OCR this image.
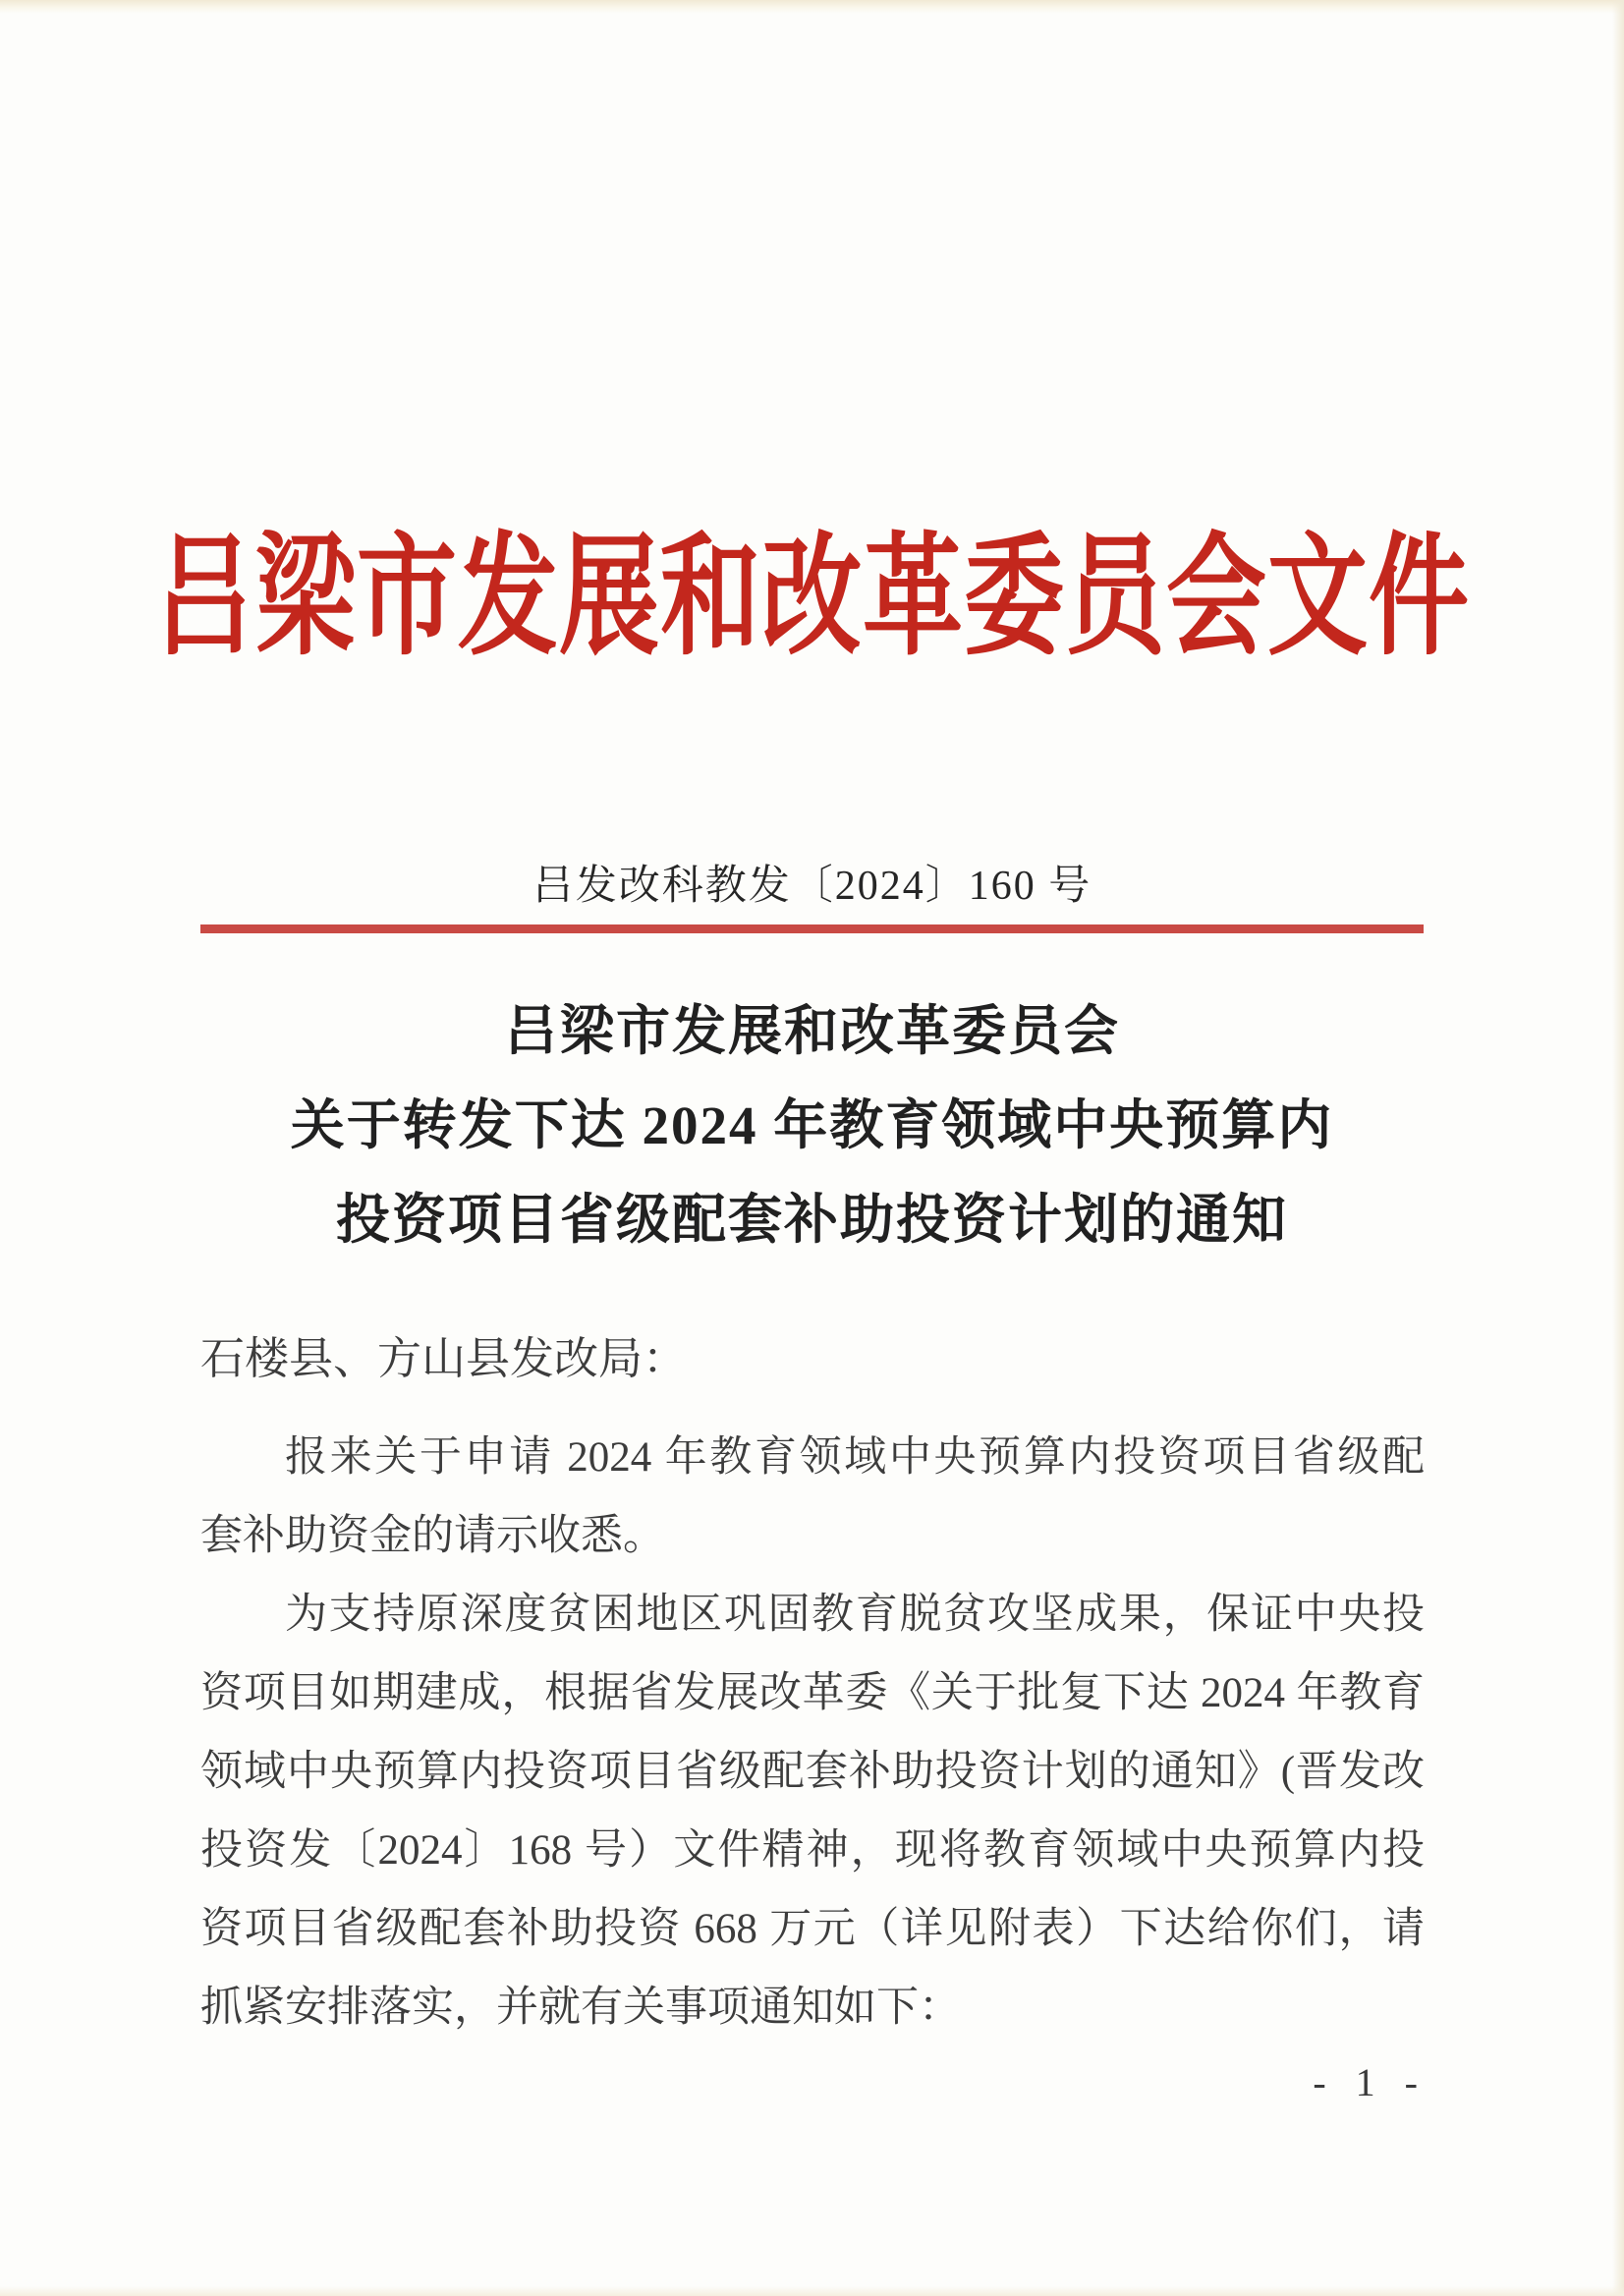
吕梁市发展和改革委员会文件
吕发改科教发〔2024〕160 号
吕梁市发展和改革委员会
关于转发下达 2024 年教育领域中央预算内
投资项目省级配套补助投资计划的通知
石楼县、方山县发改局：
报来关于申请 2024 年教育领域中央预算内投资项目省级配
套补助资金的请示收悉。
为支持原深度贫困地区巩固教育脱贫攻坚成果，保证中央投
资项目如期建成，根据省发展改革委《关于批复下达 2024 年教育
领域中央预算内投资项目省级配套补助投资计划的通知》(晋发改
投资发〔2024〕168 号）文件精神，现将教育领域中央预算内投
资项目省级配套补助投资 668 万元（详见附表）下达给你们，请
抓紧安排落实，并就有关事项通知如下：
- 1 -
